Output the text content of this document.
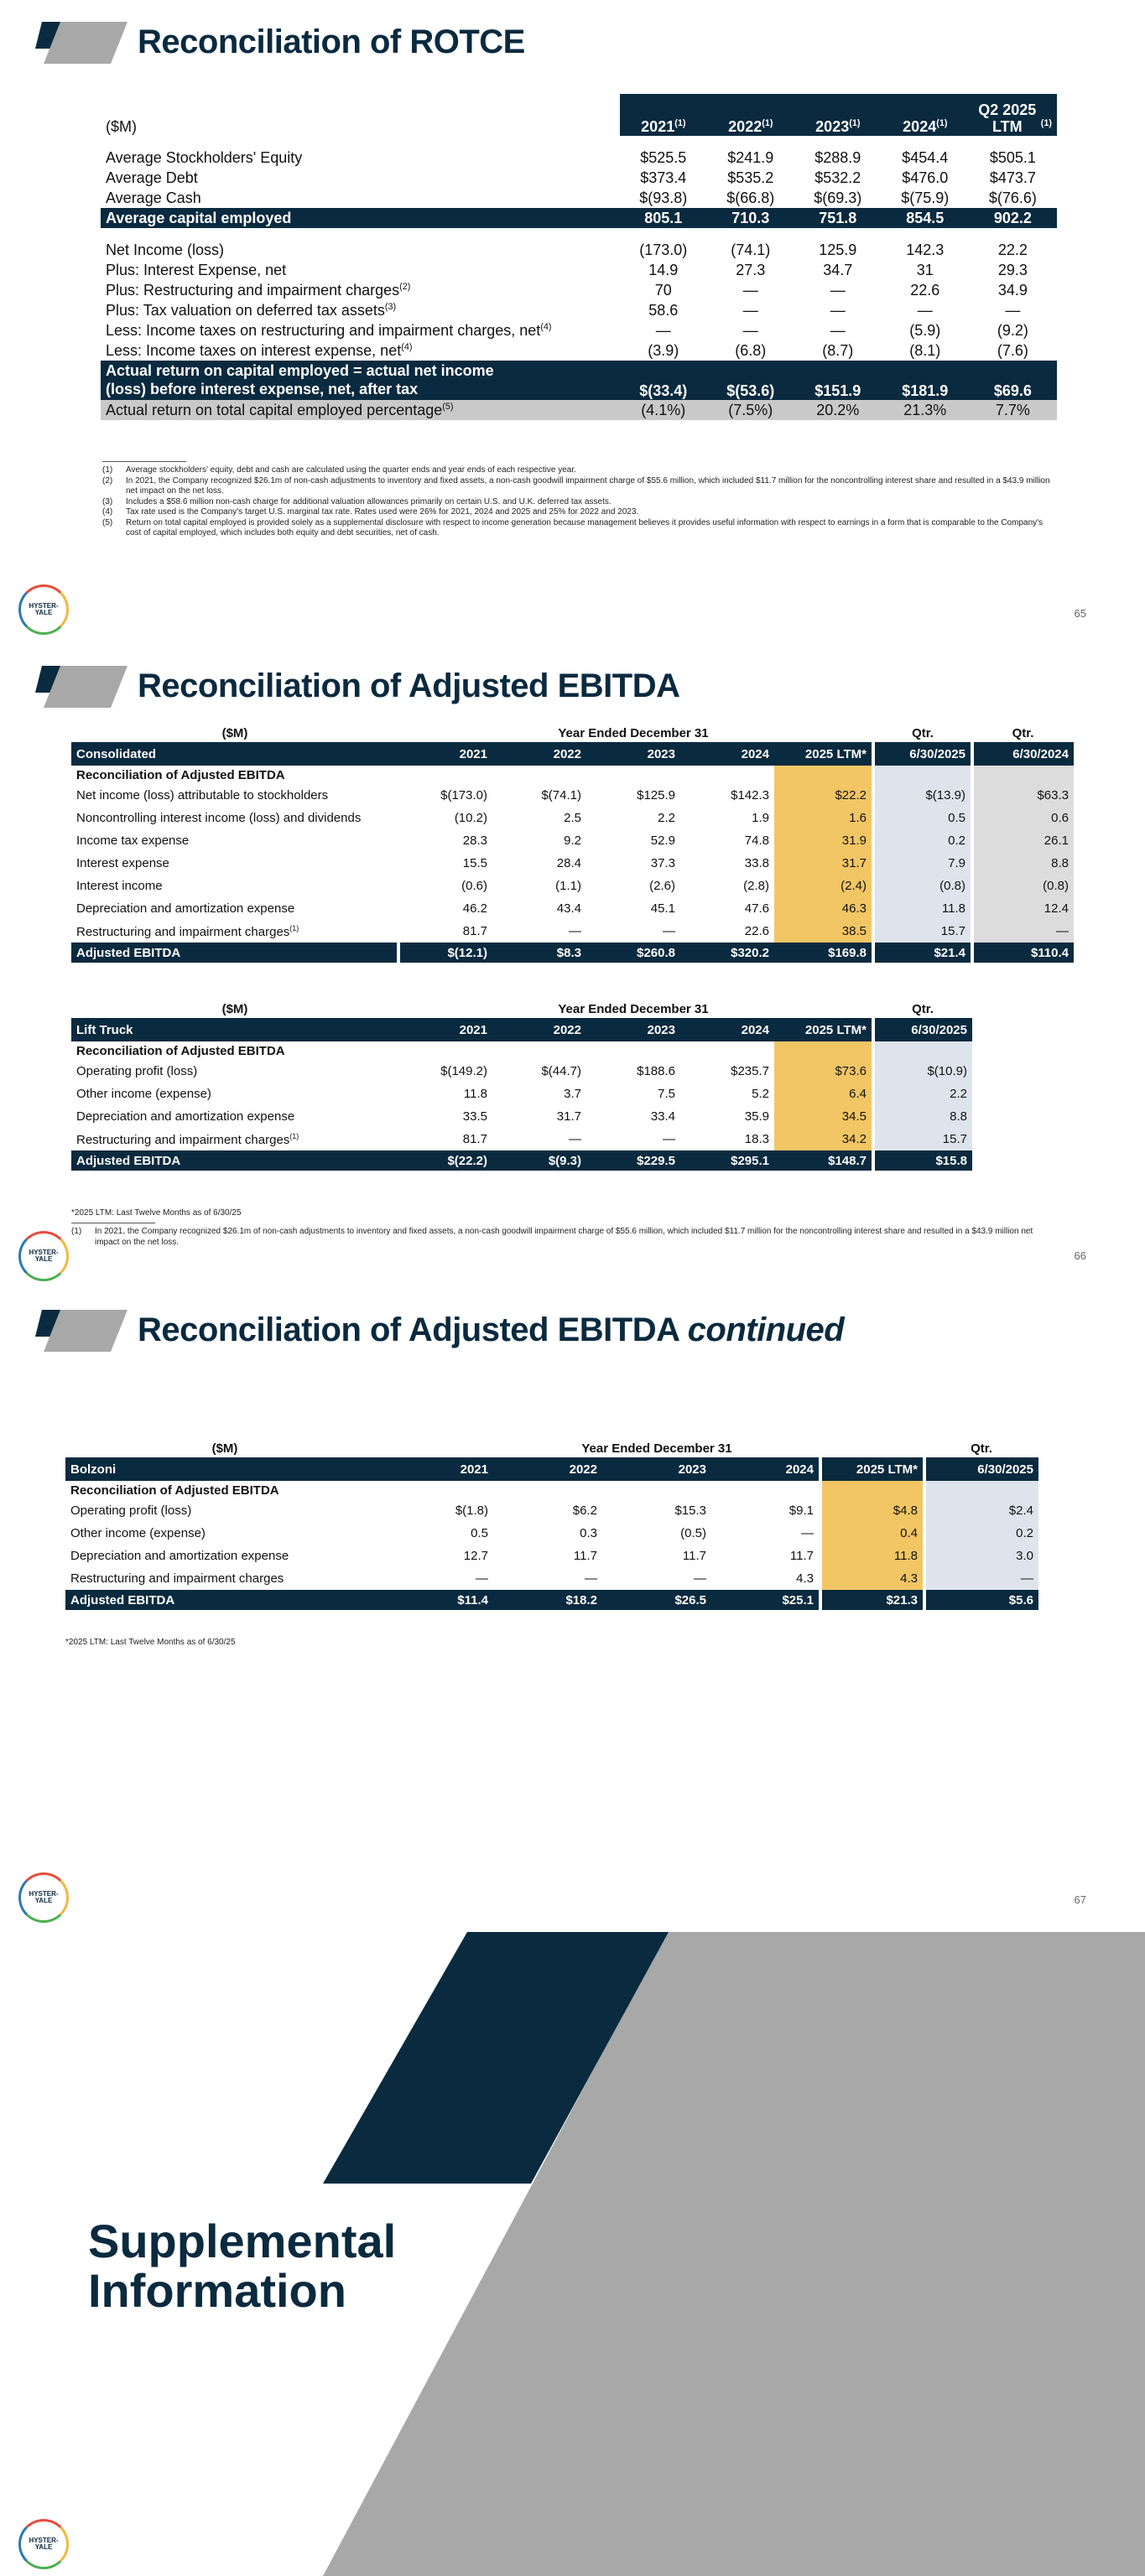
Reconciliation of ROTCE
($M)	2021$^{(1)}$	2022$^{(1)}$	2023$^{(1)}$	2024$^{(1)}$	Q2 2025 LTM $^{(1)}$

Average Stockholders' Equity	$525.5	$241.9	$288.9	$454.4	$505.1
Average Debt	$373.4	$535.2	$532.2	$476.0	$473.7
Average Cash	$(93.8)	$(66.8)	$(69.3)	$(75.9)	$(76.6)
Average capital employed	805.1	710.3	751.8	854.5	902.2

Net Income (loss)	(173.0)	(74.1)	125.9	142.3	22.2
Plus: Interest Expense, net	14.9	27.3	34.7	31	29.3
Plus: Restructuring and impairment charges$^{(2)}$	70	—	—	22.6	34.9
Plus: Tax valuation on deferred tax assets$^{(3)}$	58.6	—	—	—	—
Less: Income taxes on restructuring and impairment charges, net$^{(4)}$	—	—	—	(5.9)	(9.2)
Less: Income taxes on interest expense, net$^{(4)}$	(3.9)	(6.8)	(8.7)	(8.1)	(7.6)
Actual return on capital employed = actual net income
(loss) before interest expense, net, after tax	$(33.4)	$(53.6)	$151.9	$181.9	$69.6
Actual return on total capital employed percentage$^{(5)}$	(4.1%)	(7.5%)	20.2%	21.3%	7.7%
(1)	Average stockholders' equity, debt and cash are calculated using the quarter ends and year ends of each respective year.
(2)	In 2021, the Company recognized $26.1m of non-cash adjustments to inventory and fixed assets, a non-cash goodwill impairment charge of $55.6 million, which included $11.7 million for the noncontrolling interest share and resulted in a $43.9 million net impact on the net loss.
(3)	Includes a $58.6 million non-cash charge for additional valuation allowances primarily on certain U.S. and U.K. deferred tax assets.
(4)	Tax rate used is the Company's target U.S. marginal tax rate. Rates used were 26% for 2021, 2024 and 2025 and 25% for 2022 and 2023.
(5)	Return on total capital employed is provided solely as a supplemental disclosure with respect to income generation because management believes it provides useful information with respect to earnings in a form that is comparable to the Company's cost of capital employed, which includes both equity and debt securities, net of cash.
HYSTER-YALE	65
Reconciliation of Adjusted EBITDA
($M)		Year Ended December 31				Qtr.	Qtr.
Consolidated	2021	2022	2023	2024	2025 LTM*	6/30/2025	6/30/2024
Reconciliation of Adjusted EBITDA							
Net income (loss) attributable to stockholders	$(173.0)	$(74.1)	$125.9	$142.3	$22.2	$(13.9)	$63.3
Noncontrolling interest income (loss) and dividends	(10.2)	2.5	2.2	1.9	1.6	0.5	0.6
Income tax expense	28.3	9.2	52.9	74.8	31.9	0.2	26.1
Interest expense	15.5	28.4	37.3	33.8	31.7	7.9	8.8
Interest income	(0.6)	(1.1)	(2.6)	(2.8)	(2.4)	(0.8)	(0.8)
Depreciation and amortization expense	46.2	43.4	45.1	47.6	46.3	11.8	12.4
Restructuring and impairment charges$^{(1)}$	81.7	—	—	22.6	38.5	15.7	—
Adjusted EBITDA	$(12.1)	$8.3	$260.8	$320.2	$169.8	$21.4	$110.4
($M)		Year Ended December 31				Qtr.
Lift Truck	2021	2022	2023	2024	2025 LTM*	6/30/2025
Reconciliation of Adjusted EBITDA						
Operating profit (loss)	$(149.2)	$(44.7)	$188.6	$235.7	$73.6	$(10.9)
Other income (expense)	11.8	3.7	7.5	5.2	6.4	2.2
Depreciation and amortization expense	33.5	31.7	33.4	35.9	34.5	8.8
Restructuring and impairment charges$^{(1)}$	81.7	—	—	18.3	34.2	15.7
Adjusted EBITDA	$(22.2)	$(9.3)	$229.5	$295.1	$148.7	$15.8
*2025 LTM: Last Twelve Months as of 6/30/25
(1)	In 2021, the Company recognized $26.1m of non-cash adjustments to inventory and fixed assets, a non-cash goodwill impairment charge of $55.6 million, which included $11.7 million for the noncontrolling interest share and resulted in a $43.9 million net impact on the net loss.
HYSTER-YALE	66
Reconciliation of Adjusted EBITDA continued
($M)		Year Ended December 31				Qtr.
Bolzoni	2021	2022	2023	2024	2025 LTM*	6/30/2025
Reconciliation of Adjusted EBITDA						
Operating profit (loss)	$(1.8)	$6.2	$15.3	$9.1	$4.8	$2.4
Other income (expense)	0.5	0.3	(0.5)	—	0.4	0.2
Depreciation and amortization expense	12.7	11.7	11.7	11.7	11.8	3.0
Restructuring and impairment charges	—	—	—	4.3	4.3	—
Adjusted EBITDA	$11.4	$18.2	$26.5	$25.1	$21.3	$5.6
*2025 LTM: Last Twelve Months as of 6/30/25
HYSTER-YALE	67
Supplemental
Information
HYSTER-YALE
